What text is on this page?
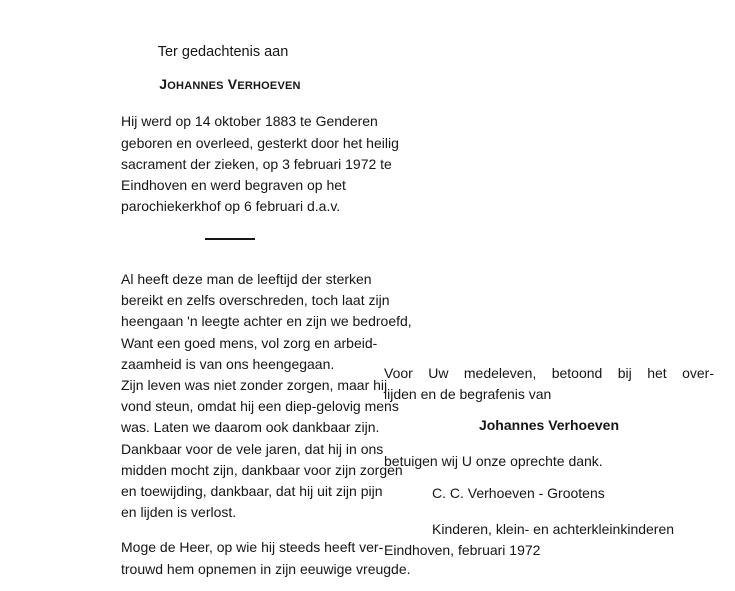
Ter gedachtenis aan
JOHANNES VERHOEVEN
Hij werd op 14 oktober 1883 te Genderen
geboren en overleed, gesterkt door het heilig
sacrament der zieken, op 3 februari 1972 te
Eindhoven en werd begraven op het
parochiekerkhof op 6 februari d.a.v.
Al heeft deze man de leeftijd der sterken
bereikt en zelfs overschreden, toch laat zijn
heengaan 'n leegte achter en zijn we bedroefd,
Want een goed mens, vol zorg en arbeid-
zaamheid is van ons heengegaan.
Zijn leven was niet zonder zorgen, maar hij
vond steun, omdat hij een diep-gelovig mens
was. Laten we daarom ook dankbaar zijn.
Dankbaar voor de vele jaren, dat hij in ons
midden mocht zijn, dankbaar voor zijn zorgen
en toewijding, dankbaar, dat hij uit zijn pijn
en lijden is verlost.
Moge de Heer, op wie hij steeds heeft ver-
trouwd hem opnemen in zijn eeuwige vreugde.
Voor Uw medeleven, betoond bij het over-
lijden en de begrafenis van
Johannes Verhoeven
betuigen wij U onze oprechte dank.
C. C. Verhoeven - Grootens
Kinderen, klein- en achterkleinkinderen
Eindhoven, februari 1972
